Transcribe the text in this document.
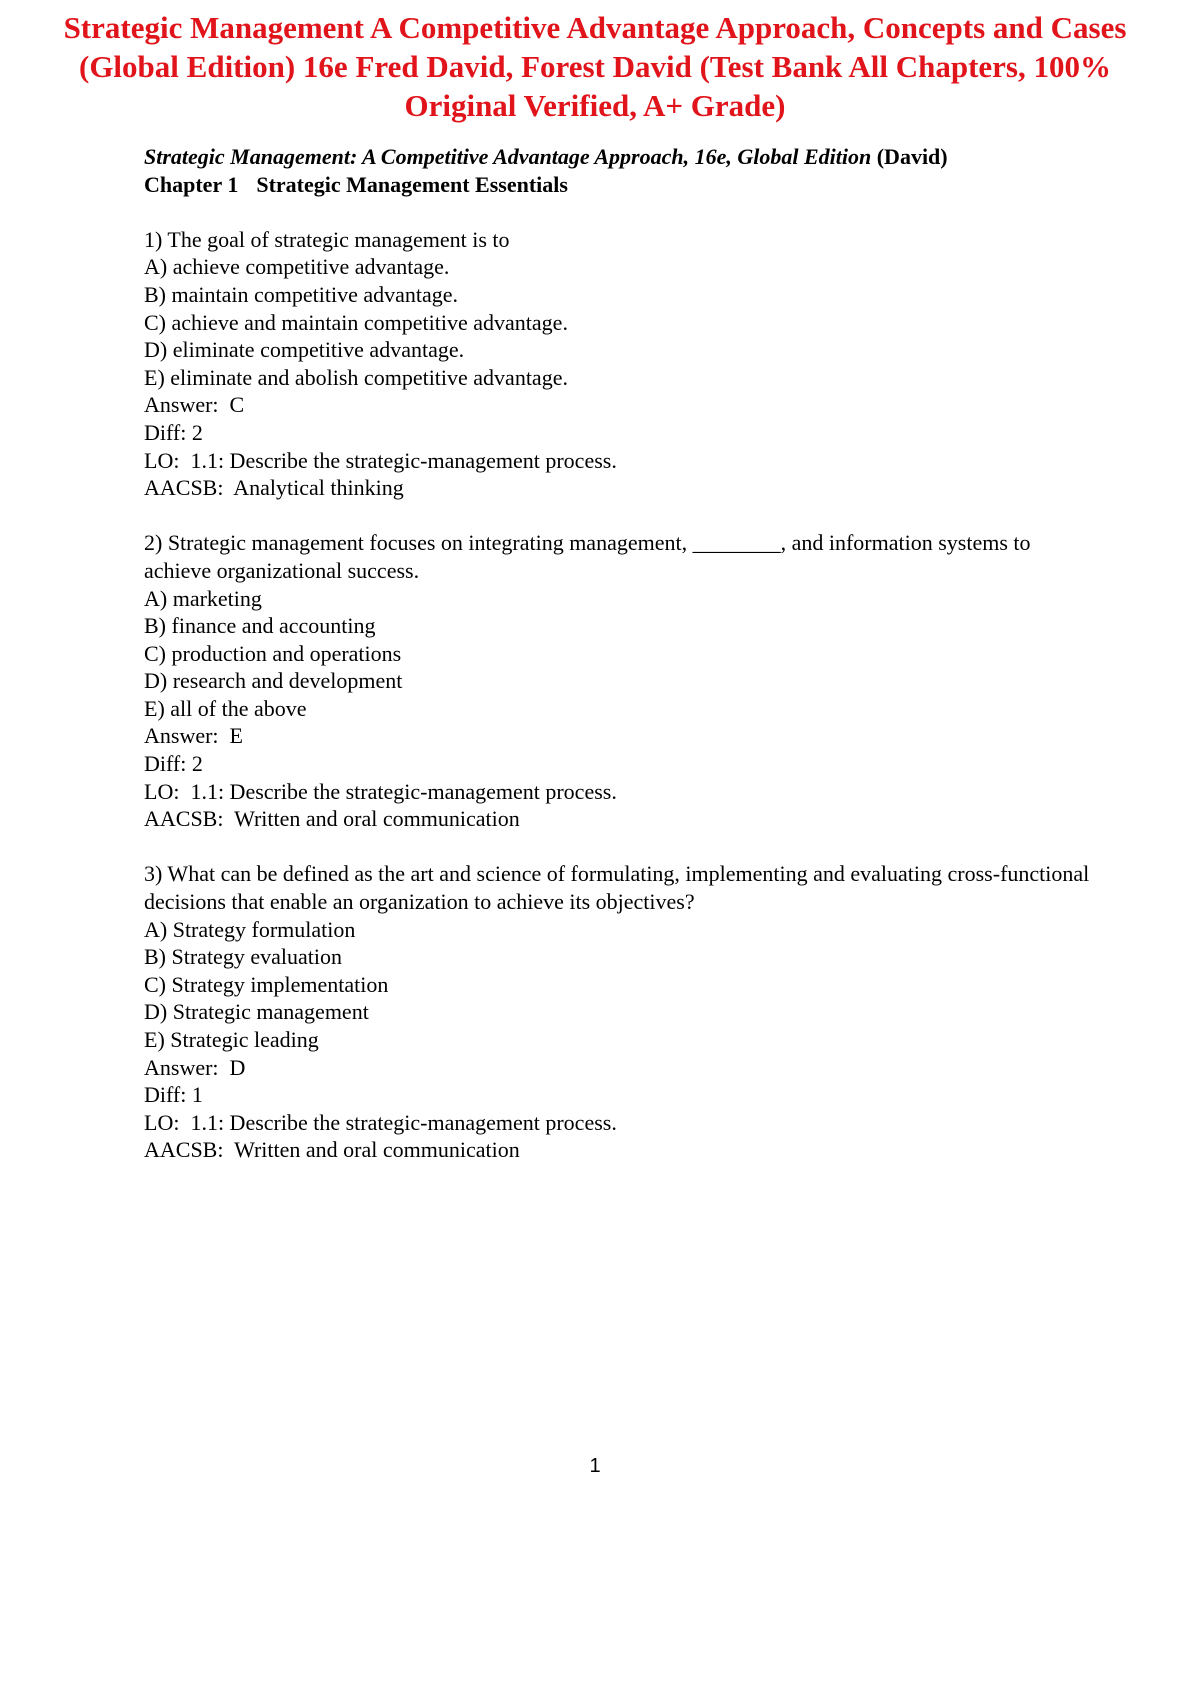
Strategic Management A Competitive Advantage Approach, Concepts and Cases (Global Edition) 16e Fred David, Forest David (Test Bank All Chapters, 100% Original Verified, A+ Grade)

Strategic Management: A Competitive Advantage Approach, 16e, Global Edition (David)

Chapter 1 Strategic Management Essentials

1) The goal of strategic management is to

A) achieve competitive advantage.

B) maintain competitive advantage.

C) achieve and maintain competitive advantage.

D) eliminate competitive advantage.

E) eliminate and abolish competitive advantage.

Answer:  C

Diff: 2

LO:  1.1: Describe the strategic-management process.

AACSB:  Analytical thinking

2) Strategic management focuses on integrating management, ________, and information systems to achieve organizational success.

A) marketing

B) finance and accounting

C) production and operations

D) research and development

E) all of the above

Answer:  E

Diff: 2

LO:  1.1: Describe the strategic-management process.

AACSB:  Written and oral communication

3) What can be defined as the art and science of formulating, implementing and evaluating cross-functional decisions that enable an organization to achieve its objectives?

A) Strategy formulation

B) Strategy evaluation

C) Strategy implementation

D) Strategic management

E) Strategic leading

Answer:  D

Diff: 1

LO:  1.1: Describe the strategic-management process.

AACSB:  Written and oral communication

1
